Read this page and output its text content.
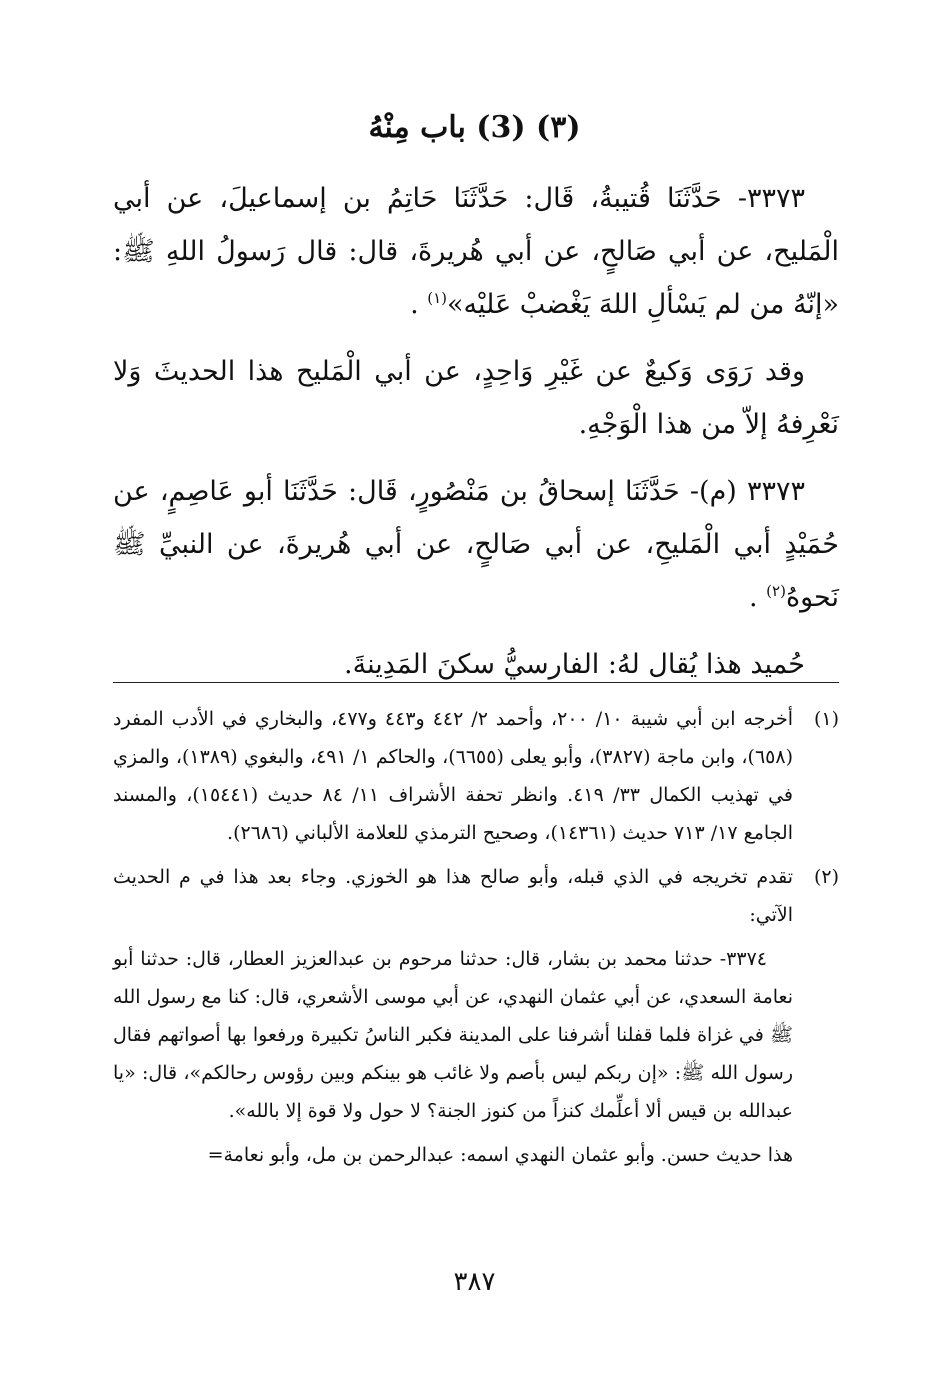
(٣) (3) باب مِنْهُ

٣٣٧٣- حَدَّثَنَا قُتيبةُ، قَال: حَدَّثَنَا حَاتِمُ بن إسماعيلَ، عن أبي الْمَليح، عن أبي صَالحٍ، عن أبي هُريرةَ، قال: قال رَسولُ اللهِ ﷺ: «إنّهُ من لم يَسْألِ اللهَ يَغْضبْ عَليْه»$^{(١)}$ .

وقد رَوَى وَكيعٌ عن غَيْرِ وَاحِدٍ، عن أبي الْمَليح هذا الحديثَ وَلا نَعْرِفهُ إلاّ من هذا الْوَجْهِ.

٣٣٧٣ (م)- حَدَّثَنَا إسحاقُ بن مَنْصُورٍ، قَال: حَدَّثَنَا أبو عَاصِمٍ، عن حُمَيْدٍ أبي الْمَليحِ، عن أبي صَالحٍ، عن أبي هُريرةَ، عن النبيِّ ﷺ نَحوهُ$^{(٢)}$ .

حُميد هذا يُقال لهُ: الفارسيُّ سكنَ المَدِينةَ.

(١)

أخرجه ابن أبي شيبة ١٠/ ٢٠٠، وأحمد ٢/ ٤٤٢ و٤٤٣ و٤٧٧، والبخاري في الأدب المفرد (٦٥٨)، وابن ماجة (٣٨٢٧)، وأبو يعلى (٦٦٥٥)، والحاكم ١/ ٤٩١، والبغوي (١٣٨٩)، والمزي في تهذيب الكمال ٣٣/ ٤١٩. وانظر تحفة الأشراف ١١/ ٨٤ حديث (١٥٤٤١)، والمسند الجامع ١٧/ ٧١٣ حديث (١٤٣٦١)، وصحيح الترمذي للعلامة الألباني (٢٦٨٦).

(٢)

تقدم تخريجه في الذي قبله، وأبو صالح هذا هو الخوزي. وجاء بعد هذا في م الحديث الآتي:

٣٣٧٤- حدثنا محمد بن بشار، قال: حدثنا مرحوم بن عبدالعزيز العطار، قال: حدثنا أبو نعامة السعدي، عن أبي عثمان النهدي، عن أبي موسى الأشعري، قال: كنا مع رسول الله ﷺ في غزاة فلما قفلنا أشرفنا على المدينة فكبر الناسُ تكبيرة ورفعوا بها أصواتهم فقال رسول الله ﷺ: «إن ربكم ليس بأصم ولا غائب هو بينكم وبين رؤوس رحالكم»، قال: «يا عبدالله بن قيس ألا أعلِّمك كنزاً من كنوز الجنة؟ لا حول ولا قوة إلا بالله».

هذا حديث حسن. وأبو عثمان النهدي اسمه: عبدالرحمن بن مل، وأبو نعامة=

٣٨٧
